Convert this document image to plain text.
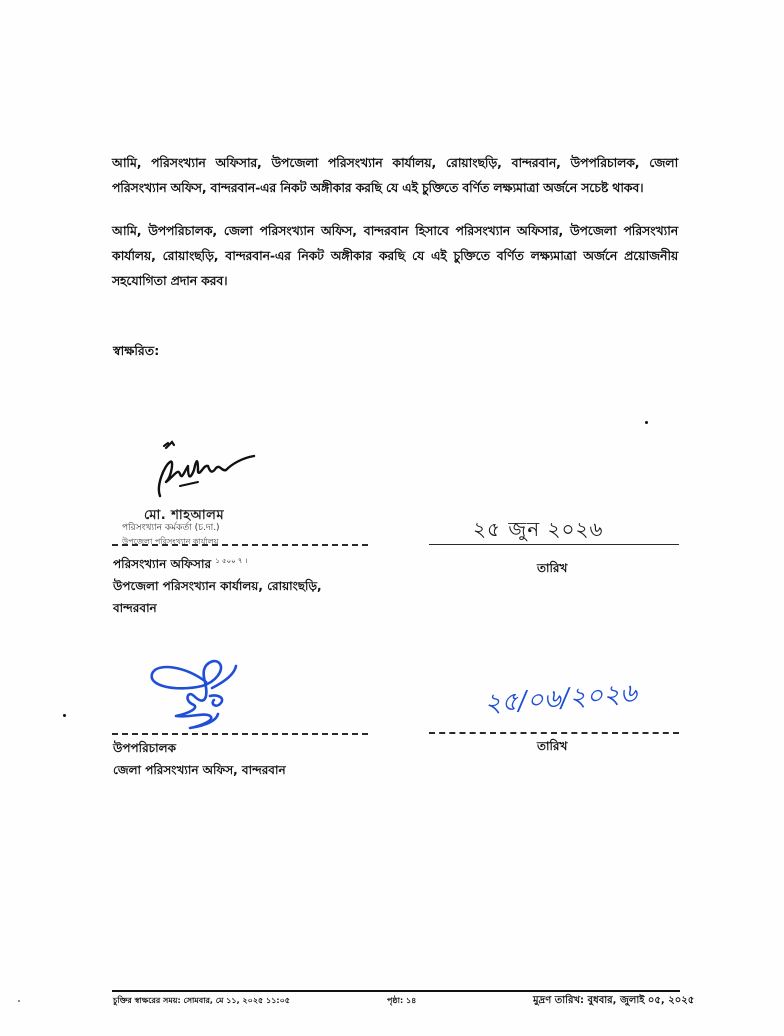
আমি, পরিসংখ্যান অফিসার, উপজেলা পরিসংখ্যান কার্যালয়, রোয়াংছড়ি, বান্দরবান, উপপরিচালক, জেলা পরিসংখ্যান অফিস, বান্দরবান-এর নিকট অঙ্গীকার করছি যে এই চুক্তিতে বর্ণিত লক্ষ্যমাত্রা অর্জনে সচেষ্ট থাকব।
আমি, উপপরিচালক, জেলা পরিসংখ্যান অফিস, বান্দরবান হিসাবে পরিসংখ্যান অফিসার, উপজেলা পরিসংখ্যান কার্যালয়, রোয়াংছড়ি, বান্দরবান-এর নিকট অঙ্গীকার করছি যে এই চুক্তিতে বর্ণিত লক্ষ্যমাত্রা অর্জনে প্রয়োজনীয় সহযোগিতা প্রদান করব।
স্বাক্ষরিত:
মো. শাহআলম
পরিসংখ্যান কর্মকর্তা (চ.দা.)
উপজেলা পরিসংখ্যান কার্যালয়
পরিসংখ্যান অফিসার $^{১ ৫০০ ৭ ।}$
উপজেলা পরিসংখ্যান কার্যালয়, রোয়াংছড়ি,
বান্দরবান
২৫ জুন ২০২৬
তারিখ
উপপরিচালক
জেলা পরিসংখ্যান অফিস, বান্দরবান
২৫/০৬/২০২৬
তারিখ
চুক্তির স্বাক্ষরের সময়: সোমবার, মে ১১, ২০২৫ ১১:০৫	পৃষ্ঠা: ১৪	মুদ্রণ তারিখ: বুধবার, জুলাই ০৫, ২০২৫
